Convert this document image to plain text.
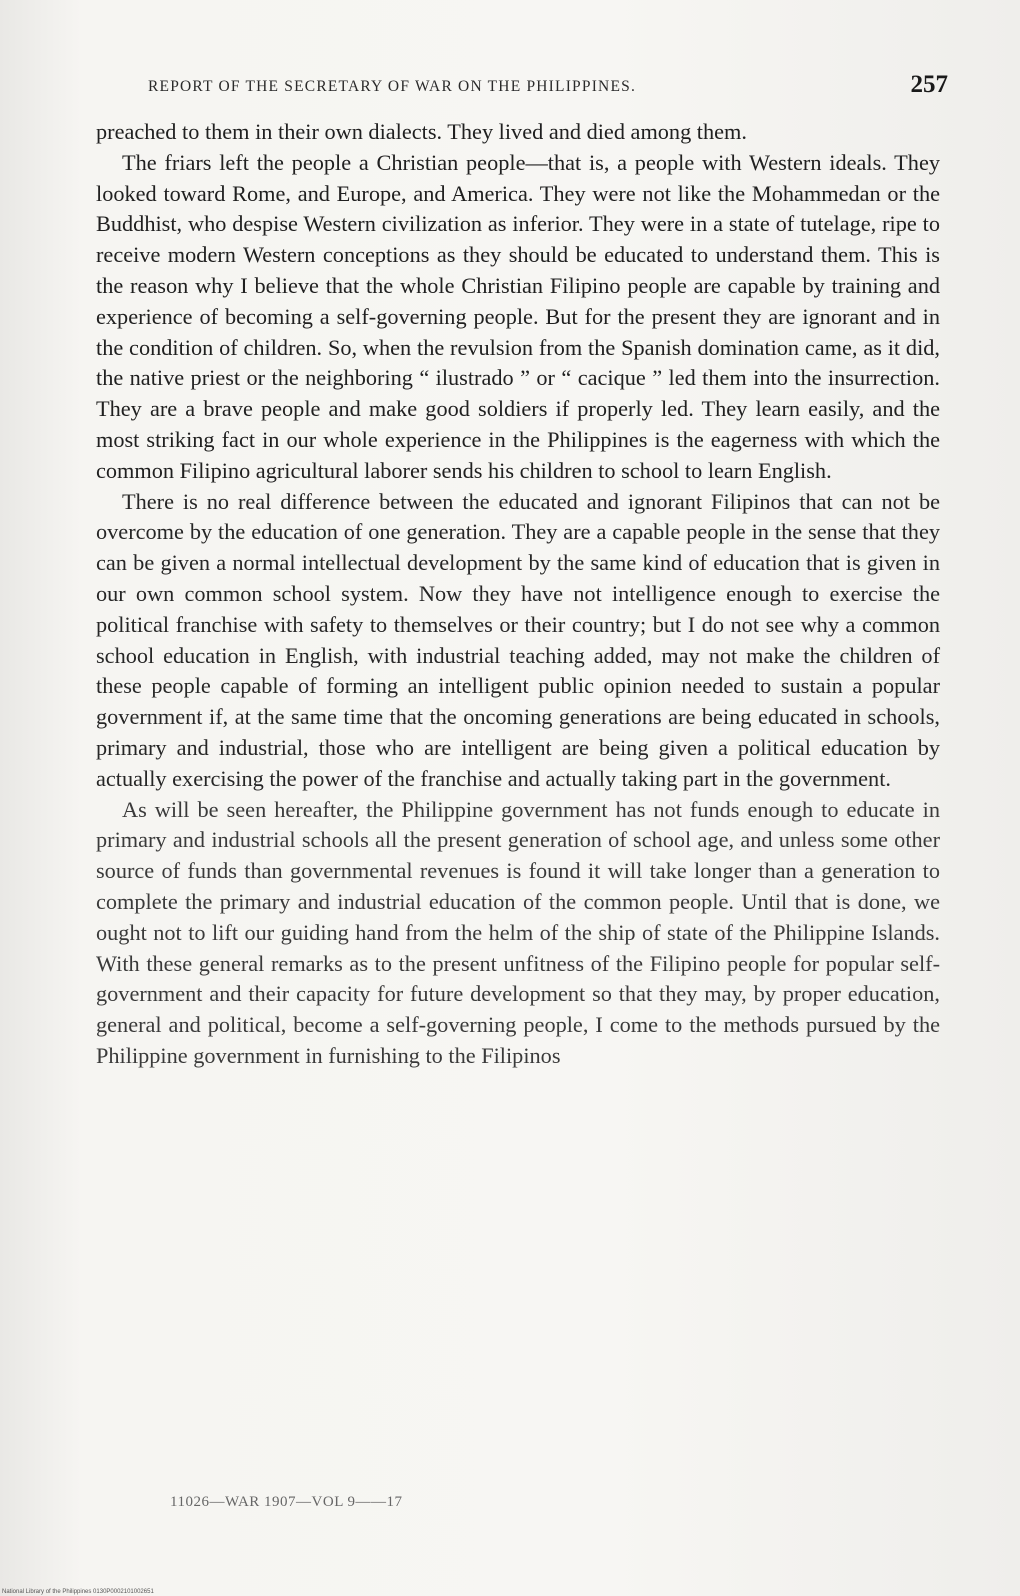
REPORT OF THE SECRETARY OF WAR ON THE PHILIPPINES.	257

preached to them in their own dialects. They lived and died among them.

The friars left the people a Christian people—that is, a people with Western ideals. They looked toward Rome, and Europe, and America. They were not like the Mohammedan or the Buddhist, who despise Western civilization as inferior. They were in a state of tutelage, ripe to receive modern Western conceptions as they should be educated to understand them. This is the reason why I believe that the whole Christian Filipino people are capable by training and experience of becoming a self-governing people. But for the present they are ignorant and in the condition of children. So, when the revulsion from the Spanish domination came, as it did, the native priest or the neighboring “ ilustrado ” or “ cacique ” led them into the insurrection. They are a brave people and make good soldiers if properly led. They learn easily, and the most striking fact in our whole experience in the Philippines is the eagerness with which the common Filipino agricultural laborer sends his children to school to learn English.

There is no real difference between the educated and ignorant Filipinos that can not be overcome by the education of one generation. They are a capable people in the sense that they can be given a normal intellectual development by the same kind of education that is given in our own common school system. Now they have not intelligence enough to exercise the political franchise with safety to themselves or their country; but I do not see why a common school education in English, with industrial teaching added, may not make the children of these people capable of forming an intelligent public opinion needed to sustain a popular government if, at the same time that the oncoming generations are being educated in schools, primary and industrial, those who are intelligent are being given a political education by actually exercising the power of the franchise and actually taking part in the government.

As will be seen hereafter, the Philippine government has not funds enough to educate in primary and industrial schools all the present generation of school age, and unless some other source of funds than governmental revenues is found it will take longer than a generation to complete the primary and industrial education of the common people. Until that is done, we ought not to lift our guiding hand from the helm of the ship of state of the Philippine Islands. With these general remarks as to the present unfitness of the Filipino people for popular self-government and their capacity for future development so that they may, by proper education, general and political, become a self-governing people, I come to the methods pursued by the Philippine government in furnishing to the Filipinos

11026—WAR 1907—VOL 9——17
National Library of the Philippines 0130P0002101002651
